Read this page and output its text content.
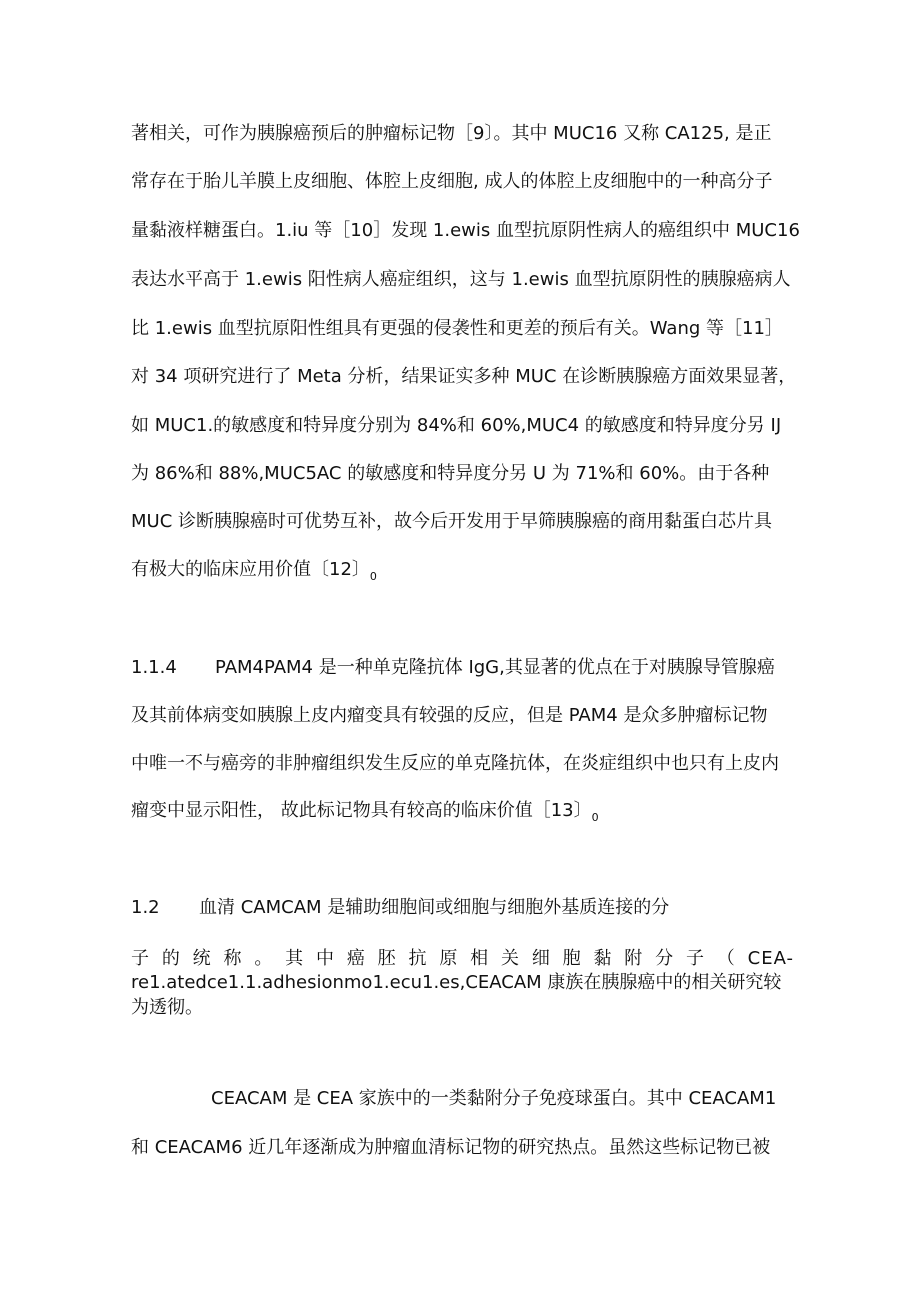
著相关，可作为胰腺癌预后的肿瘤标记物［9〕。其中 MUC16 又称 CA125, 是正

常存在于胎儿羊膜上皮细胞、体腔上皮细胞, 成人的体腔上皮细胞中的一种高分子

量黏液样糖蛋白。1.iu 等［10］发现 1.ewis 血型抗原阴性病人的癌组织中 MUC16

表达水平高于 1.ewis 阳性病人癌症组织，这与 1.ewis 血型抗原阴性的胰腺癌病人

比 1.ewis 血型抗原阳性组具有更强的侵袭性和更差的预后有关。Wang 等［11］

对 34 项研究进行了 Meta 分析，结果证实多种 MUC 在诊断胰腺癌方面效果显著，

如 MUC1.的敏感度和特异度分别为 84%和 60%,MUC4 的敏感度和特异度分另 IJ

为 86%和 88%,MUC5AC 的敏感度和特异度分另 U 为 71%和 60%。由于各种

MUC 诊断胰腺癌时可优势互补，故今后开发用于早筛胰腺癌的商用黏蛋白芯片具

有极大的临床应用价值〔12〕$_0$

1.1.4 PAM4PAM4 是一种单克隆抗体 IgG,其显著的优点在于对胰腺导管腺癌

及其前体病变如胰腺上皮内瘤变具有较强的反应，但是 PAM4 是众多肿瘤标记物

中唯一不与癌旁的非肿瘤组织发生反应的单克隆抗体，在炎症组织中也只有上皮内

瘤变中显示阳性， 故此标记物具有较高的临床价值［13〕$_0$

1.2 血清 CAMCAM 是辅助细胞间或细胞与细胞外基质连接的分

子的统称。其中癌胚抗原相关细胞黏附分子（CEA-

re1.atedce1.1.adhesionmo1.ecu1.es,CEACAM 康族在胰腺癌中的相关研究较

为透彻。

CEACAM 是 CEA 家族中的一类黏附分子免疫球蛋白。其中 CEACAM1

和 CEACAM6 近几年逐渐成为肿瘤血清标记物的研究热点。虽然这些标记物已被
